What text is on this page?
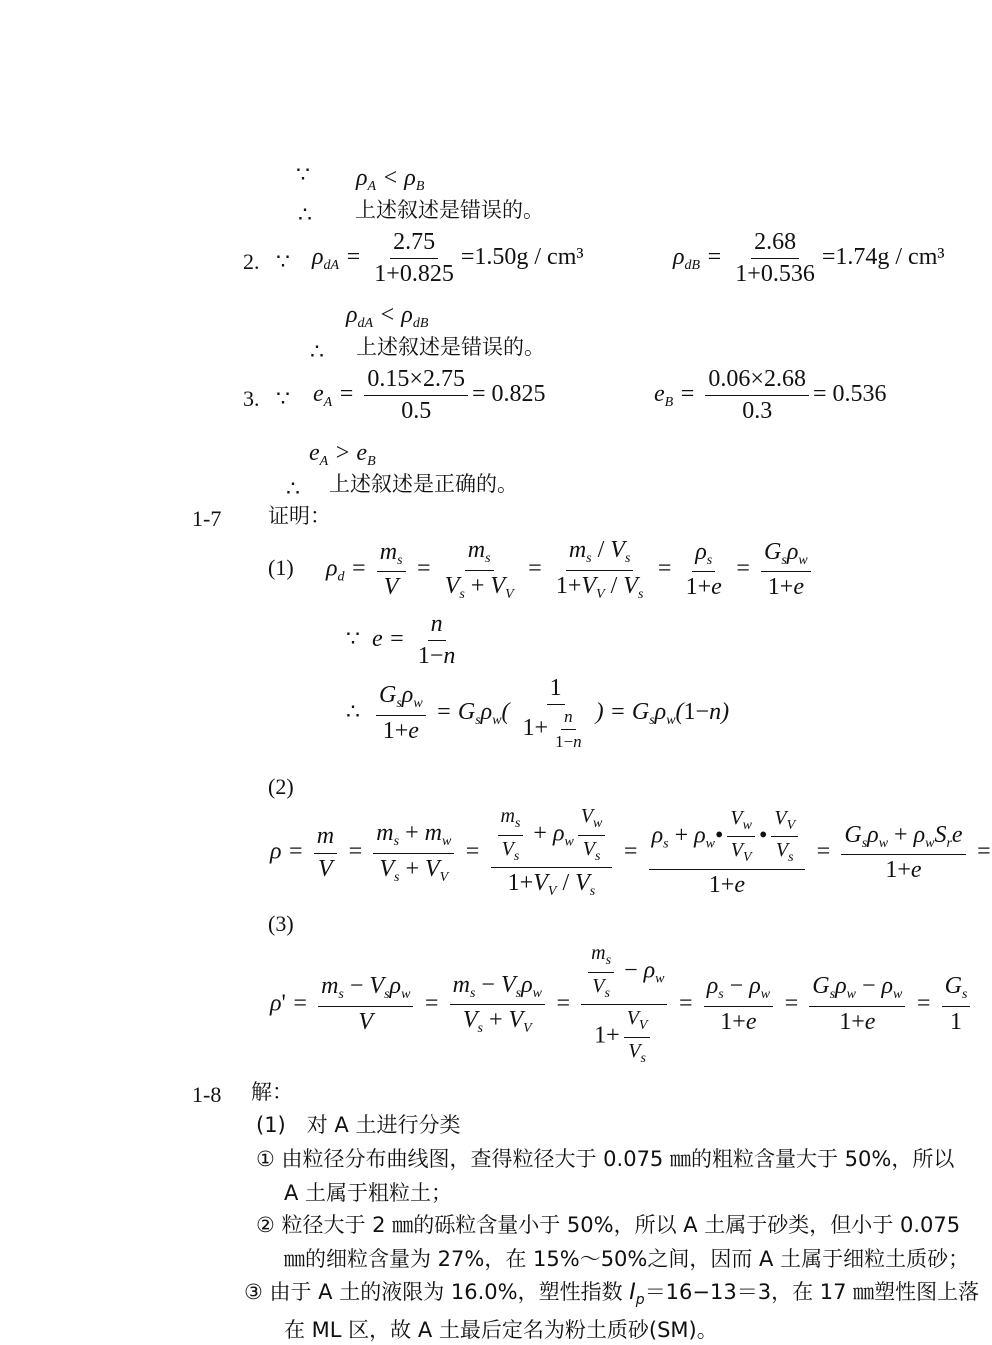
∵ $\rho_A < \rho_B$
∴ 上述叙述是错误的。
2. ∵ $\rho_{dA} = \frac{2.75}{1+0.825} =1.50g / cm^3$	$\rho_{dB} = \frac{2.68}{1+0.536} =1.74g / cm^3$
$\rho_{dA} < \rho_{dB}$
∴ 上述叙述是错误的。
3. ∵ $e_A = \frac{0.15\times 2.75}{0.5} = 0.825$	$e_B = \frac{0.06\times 2.68}{0.3} = 0.536$
$e_A > e_B$
∴ 上述叙述是正确的。
1-7 证明：
(1) $\rho_d = \frac{m_s}{V} = \frac{m_s}{V_s + V_V} = \frac{m_s / V_s}{1+V_V / V_s} = \frac{\rho_s}{1+e} = \frac{G_s\rho_w}{1+e}$
∵  $e = \frac{n}{1-n}$
∴ $\frac{G_s\rho_w}{1+e} = G_s\rho_w( \frac{1}{1+ \frac{n}{1-n}}$ ) = $G_s\rho_w(1-n)$
(2)
$\rho = \frac{m}{V} = \frac{m_s + m_w}{V_s + V_V} = \frac{\frac{m_s}{V_s} + \rho_w \frac{V_w}{V_s}}{1+V_V / V_s} = \frac{\rho_s + \rho_w• \frac{V_w}{V_V} • \frac{V_V}{V_s}}{1+e} = \frac{G_s\rho_w + \rho_wS_re}{1+e}$ =
(3)
$\rho' = \frac{m_s - V_s\rho_w}{V} = \frac{m_s - V_s\rho_w}{V_s + V_V} = \frac{\frac{m_s}{V_s} - \rho_w}{1+ \frac{V_V}{V_s}} = \frac{\rho_s - \rho_w}{1+e} = \frac{G_s\rho_w - \rho_w}{1+e} = \frac{G_s}{1}$
1-8 解：
(1)　对 A 土进行分类
① 由粒径分布曲线图，查得粒径大于 0.075 ㎜的粗粒含量大于 50%，所以
A 土属于粗粒土；
② 粒径大于 2 ㎜的砾粒含量小于 50%，所以 A 土属于砂类，但小于 0.075
㎜的细粒含量为 27%，在 15%～50%之间，因而 A 土属于细粒土质砂；
③ 由于 A 土的液限为 16.0%，塑性指数 $I_p=16-13=3$，在 17 ㎜塑性图上落
在 ML 区，故 A 土最后定名为粉土质砂(SM)。
